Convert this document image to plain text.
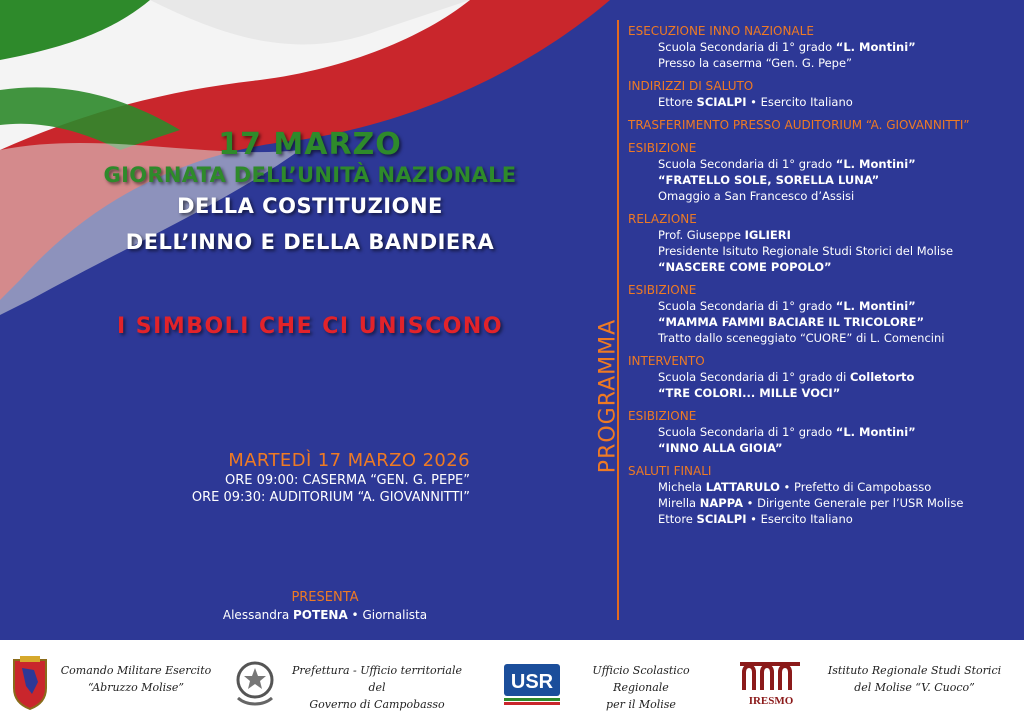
17 MARZO
GIORNATA DELL’UNITÀ NAZIONALE
DELLA COSTITUZIONE
DELL’INNO E DELLA BANDIERA
I SIMBOLI CHE CI UNISCONO
MARTEDÌ 17 MARZO 2026
ORE 09:00: CASERMA “GEN. G. PEPE”
ORE 09:30: AUDITORIUM “A. GIOVANNITTI”
PRESENTA
Alessandra POTENA • Giornalista
PROGRAMMA
ESECUZIONE INNO NAZIONALE
Scuola Secondaria di 1° grado “L. Montini”
Presso la caserma “Gen. G. Pepe”
INDIRIZZI DI SALUTO
Ettore SCIALPI • Esercito Italiano
TRASFERIMENTO PRESSO AUDITORIUM “A. GIOVANNITTI”
ESIBIZIONE
Scuola Secondaria di 1° grado “L. Montini”
“FRATELLO SOLE, SORELLA LUNA”
Omaggio a San Francesco d’Assisi
RELAZIONE
Prof. Giuseppe IGLIERI
Presidente Isituto Regionale Studi Storici del Molise
“NASCERE COME POPOLO”
ESIBIZIONE
Scuola Secondaria di 1° grado “L. Montini”
“MAMMA FAMMI BACIARE IL TRICOLORE”
Tratto dallo sceneggiato “CUORE” di L. Comencini
INTERVENTO
Scuola Secondaria di 1° grado di Colletorto
“TRE COLORI... MILLE VOCI”
ESIBIZIONE
Scuola Secondaria di 1° grado “L. Montini”
“INNO ALLA GIOIA”
SALUTI FINALI
Michela LATTARULO • Prefetto di Campobasso
Mirella NAPPA • Dirigente Generale per l’USR Molise
Ettore SCIALPI • Esercito Italiano
Comando Militare Esercito
“Abruzzo Molise”
Prefettura - Ufficio territoriale del
Governo di Campobasso
USR
Ufficio Scolastico Regionale
per il Molise	IRESMO
Istituto Regionale Studi Storici
del Molise “V. Cuoco”
